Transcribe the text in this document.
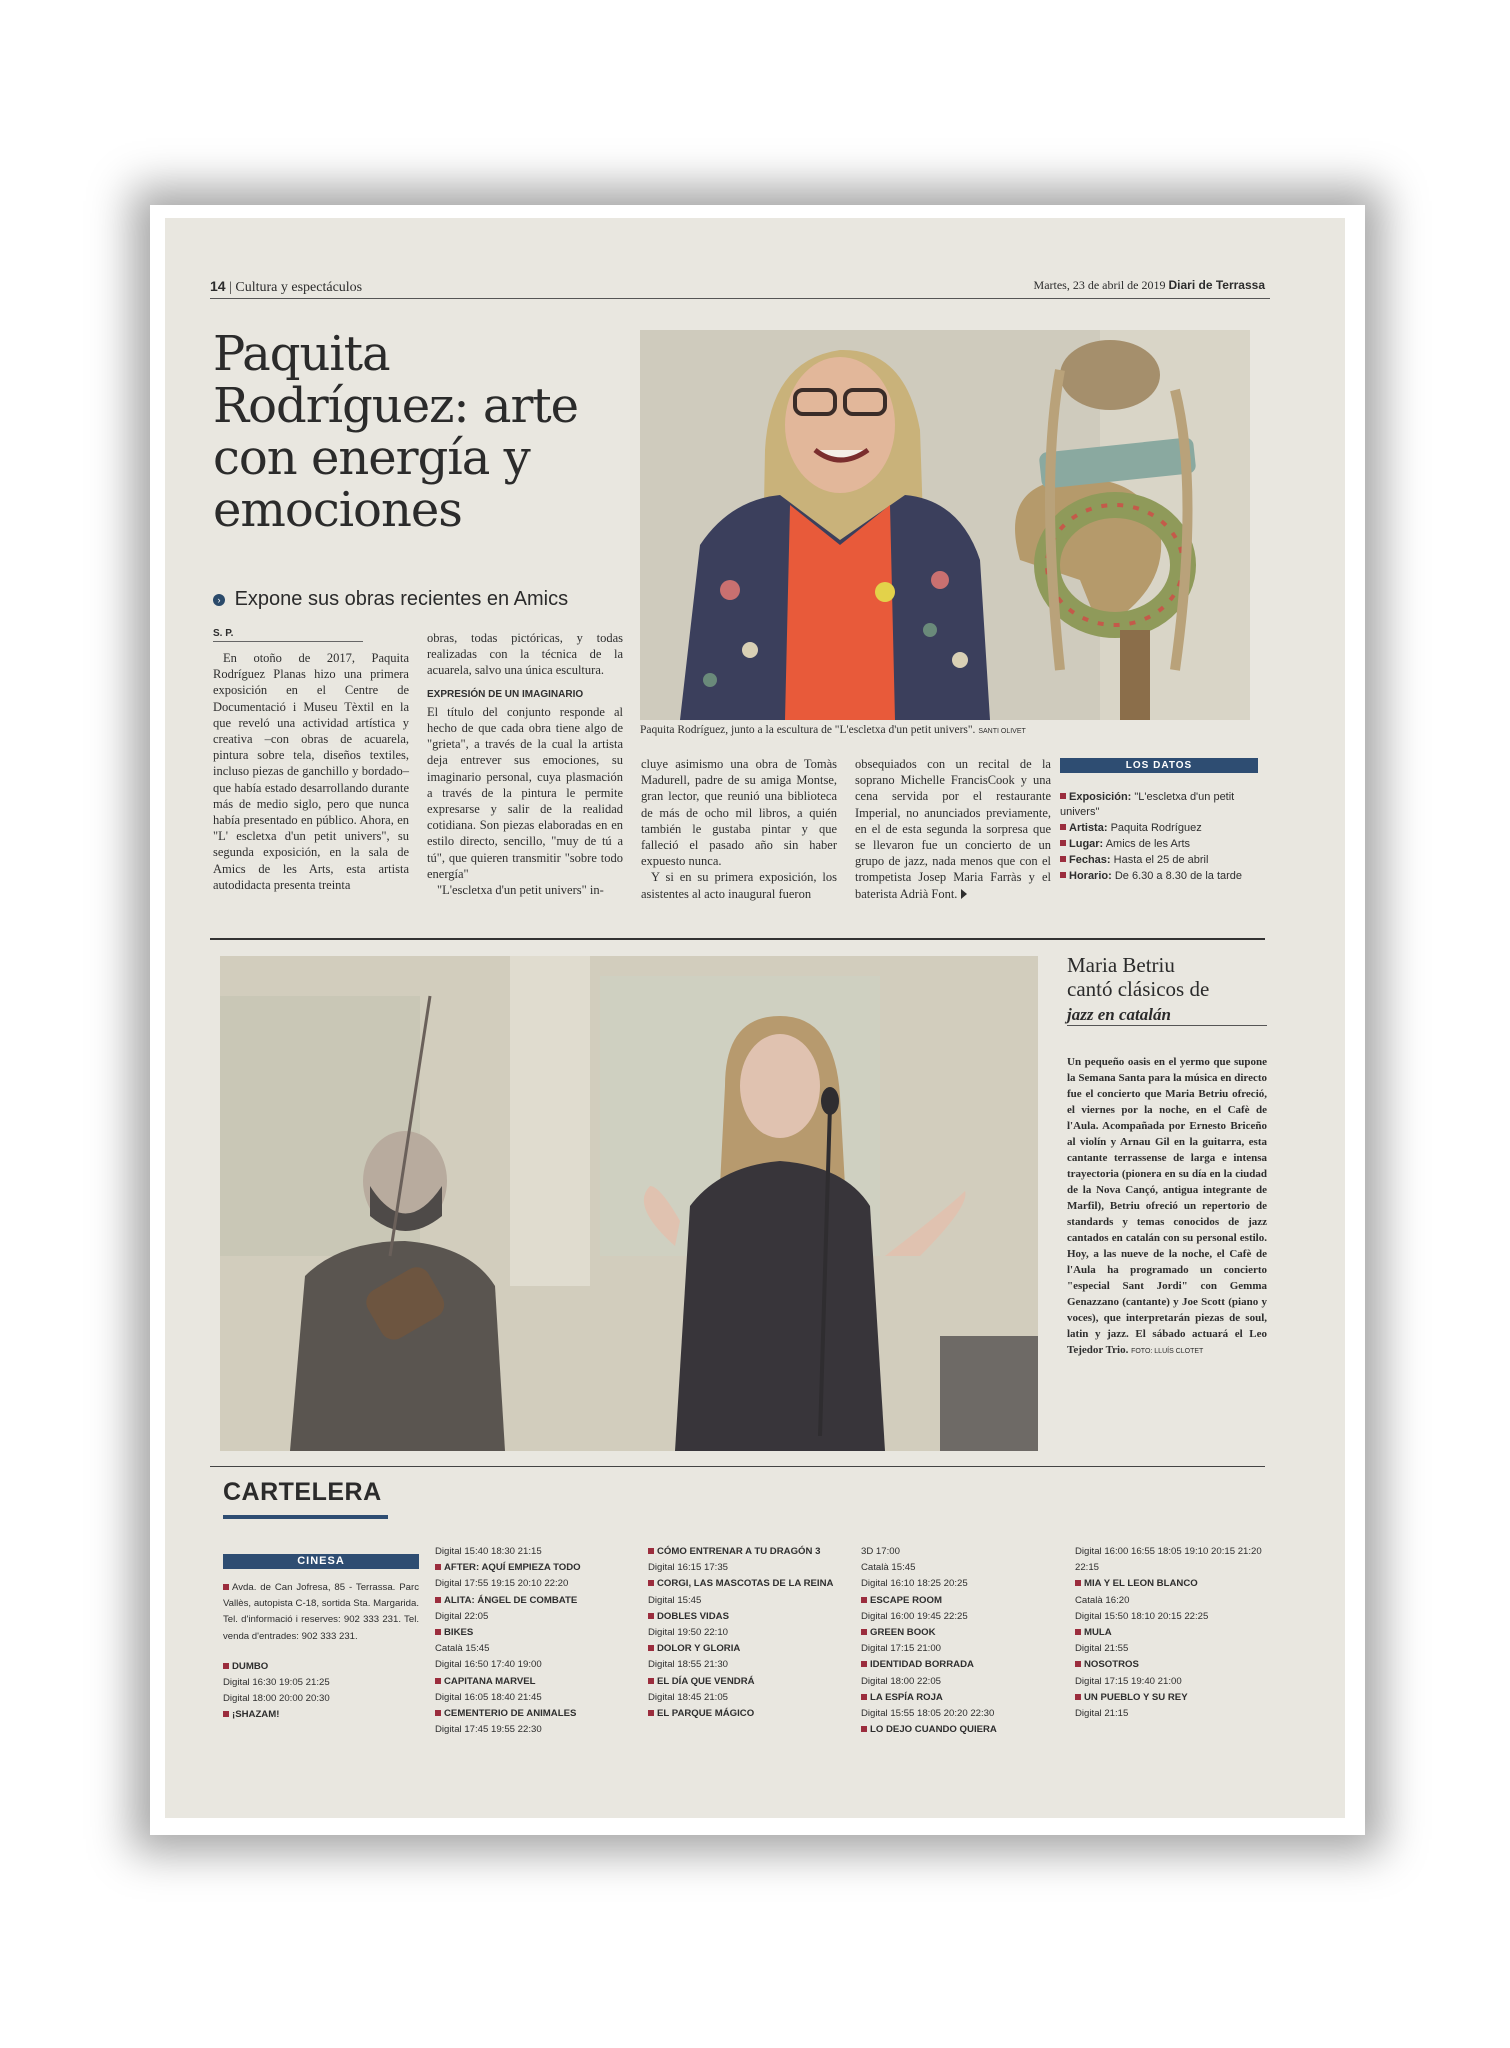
14 | Cultura y espectáculos	Martes, 23 de abril de 2019 Diari de Terrassa
Paquita Rodríguez: arte con energía y emociones
› Expone sus obras recientes en Amics
S. P.

En otoño de 2017, Paquita Rodríguez Planas hizo una primera exposición en el Centre de Documentació i Museu Tèxtil en la que reveló una actividad artística y creativa –con obras de acuarela, pintura sobre tela, diseños textiles, incluso piezas de ganchillo y bordado– que había estado desarrollando durante más de medio siglo, pero que nunca había presentado en público. Ahora, en "L' escletxa d'un petit univers", su segunda exposición, en la sala de Amics de les Arts, esta artista autodidacta presenta treinta

obras, todas pictóricas, y todas realizadas con la técnica de la acuarela, salvo una única escultura.

EXPRESIÓN DE UN IMAGINARIO

El título del conjunto responde al hecho de que cada obra tiene algo de "grieta", a través de la cual la artista deja entrever sus emociones, su imaginario personal, cuya plasmación a través de la pintura le permite expresarse y salir de la realidad cotidiana. Son piezas elaboradas en en estilo directo, sencillo, "muy de tú a tú", que quieren transmitir "sobre todo energía"

"L'escletxa d'un petit univers" in-

cluye asimismo una obra de Tomàs Madurell, padre de su amiga Montse, gran lector, que reunió una biblioteca de más de ocho mil libros, a quién también le gustaba pintar y que falleció el pasado año sin haber expuesto nunca.

Y si en su primera exposición, los asistentes al acto inaugural fueron

obsequiados con un recital de la soprano Michelle FrancisCook y una cena servida por el restaurante Imperial, no anunciados previamente, en el de esta segunda la sorpresa que se llevaron fue un concierto de un grupo de jazz, nada menos que con el trompetista Josep Maria Farràs y el baterista Adrià Font.

Paquita Rodríguez, junto a la escultura de "L'escletxa d'un petit univers". SANTI OLIVET
LOS DATOS
Exposición: "L'escletxa d'un petit univers"
Artista: Paquita Rodríguez
Lugar: Amics de les Arts
Fechas: Hasta el 25 de abril
Horario: De 6.30 a 8.30 de la tarde
Maria Betriu
cantó clásicos de
jazz en catalán
Un pequeño oasis en el yermo que supone la Semana Santa para la música en directo fue el concierto que Maria Betriu ofreció, el viernes por la noche, en el Cafè de l'Aula. Acompañada por Ernesto Briceño al violín y Arnau Gil en la guitarra, esta cantante terrassense de larga e intensa trayectoria (pionera en su día en la ciudad de la Nova Cançó, antigua integrante de Marfil), Betriu ofreció un repertorio de standards y temas conocidos de jazz cantados en catalán con su personal estilo. Hoy, a las nueve de la noche, el Cafè de l'Aula ha programado un concierto "especial Sant Jordi" con Gemma Genazzano (cantante) y Joe Scott (piano y voces), que interpretarán piezas de soul, latin y jazz. El sábado actuará el Leo Tejedor Trio. FOTO: LLUÍS CLOTET
CARTELERA
CINESA
Avda. de Can Jofresa, 85 - Terrassa. Parc Vallès, autopista C-18, sortida Sta. Margarida. Tel. d'informació i reserves: 902 333 231. Tel. venda d'entrades: 902 333 231.
DUMBO
Digital 16:30 19:05 21:25
Digital 18:00 20:00 20:30
¡SHAZAM!
Digital 15:40 18:30 21:15
AFTER: AQUÍ EMPIEZA TODO
Digital 17:55 19:15 20:10 22:20
ALITA: ÁNGEL DE COMBATE
Digital 22:05
BIKES
Català 15:45
Digital 16:50 17:40 19:00
CAPITANA MARVEL
Digital 16:05 18:40 21:45
CEMENTERIO DE ANIMALES
Digital 17:45 19:55 22:30
CÓMO ENTRENAR A TU DRAGÓN 3
Digital 16:15 17:35
CORGI, LAS MASCOTAS DE LA REINA
Digital 15:45
DOBLES VIDAS
Digital 19:50 22:10
DOLOR Y GLORIA
Digital 18:55 21:30
EL DÍA QUE VENDRÁ
Digital 18:45 21:05
EL PARQUE MÁGICO
3D 17:00
Català 15:45
Digital 16:10 18:25 20:25
ESCAPE ROOM
Digital 16:00 19:45 22:25
GREEN BOOK
Digital 17:15 21:00
IDENTIDAD BORRADA
Digital 18:00 22:05
LA ESPÍA ROJA
Digital 15:55 18:05 20:20 22:30
LO DEJO CUANDO QUIERA
Digital 16:00 16:55 18:05 19:10 20:15 21:20 22:15
MIA Y EL LEON BLANCO
Català 16:20
Digital 15:50 18:10 20:15 22:25
MULA
Digital 21:55
NOSOTROS
Digital 17:15 19:40 21:00
UN PUEBLO Y SU REY
Digital 21:15
